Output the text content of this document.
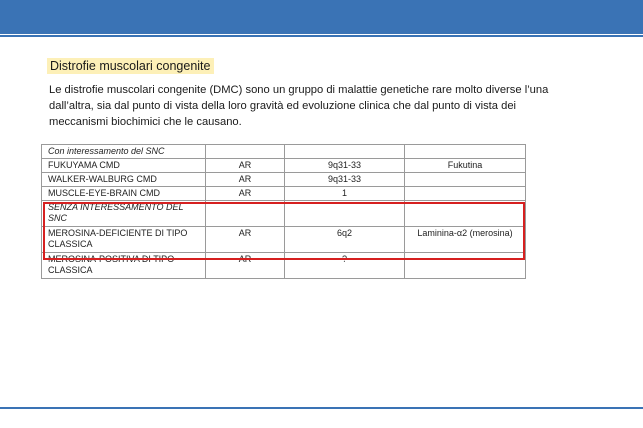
Distrofie muscolari congenite
Le distrofie muscolari congenite (DMC) sono un gruppo di malattie genetiche rare molto diverse l’una dall’altra, sia dal punto di vista della loro gravità ed evoluzione clinica che dal punto di vista dei meccanismi biochimici che le causano.
Con interessamento del SNC			
FUKUYAMA CMD	AR	9q31-33	Fukutina
WALKER-WALBURG CMD	AR	9q31-33	
MUSCLE-EYE-BRAIN CMD	AR	1	
SENZA INTERESSAMENTO DEL SNC			
MEROSINA-DEFICIENTE DI TIPO CLASSICA	AR	6q2	Laminina-α2 (merosina)
MEROSINA-POSITIVA DI TIPO CLASSICA	AR	?	
